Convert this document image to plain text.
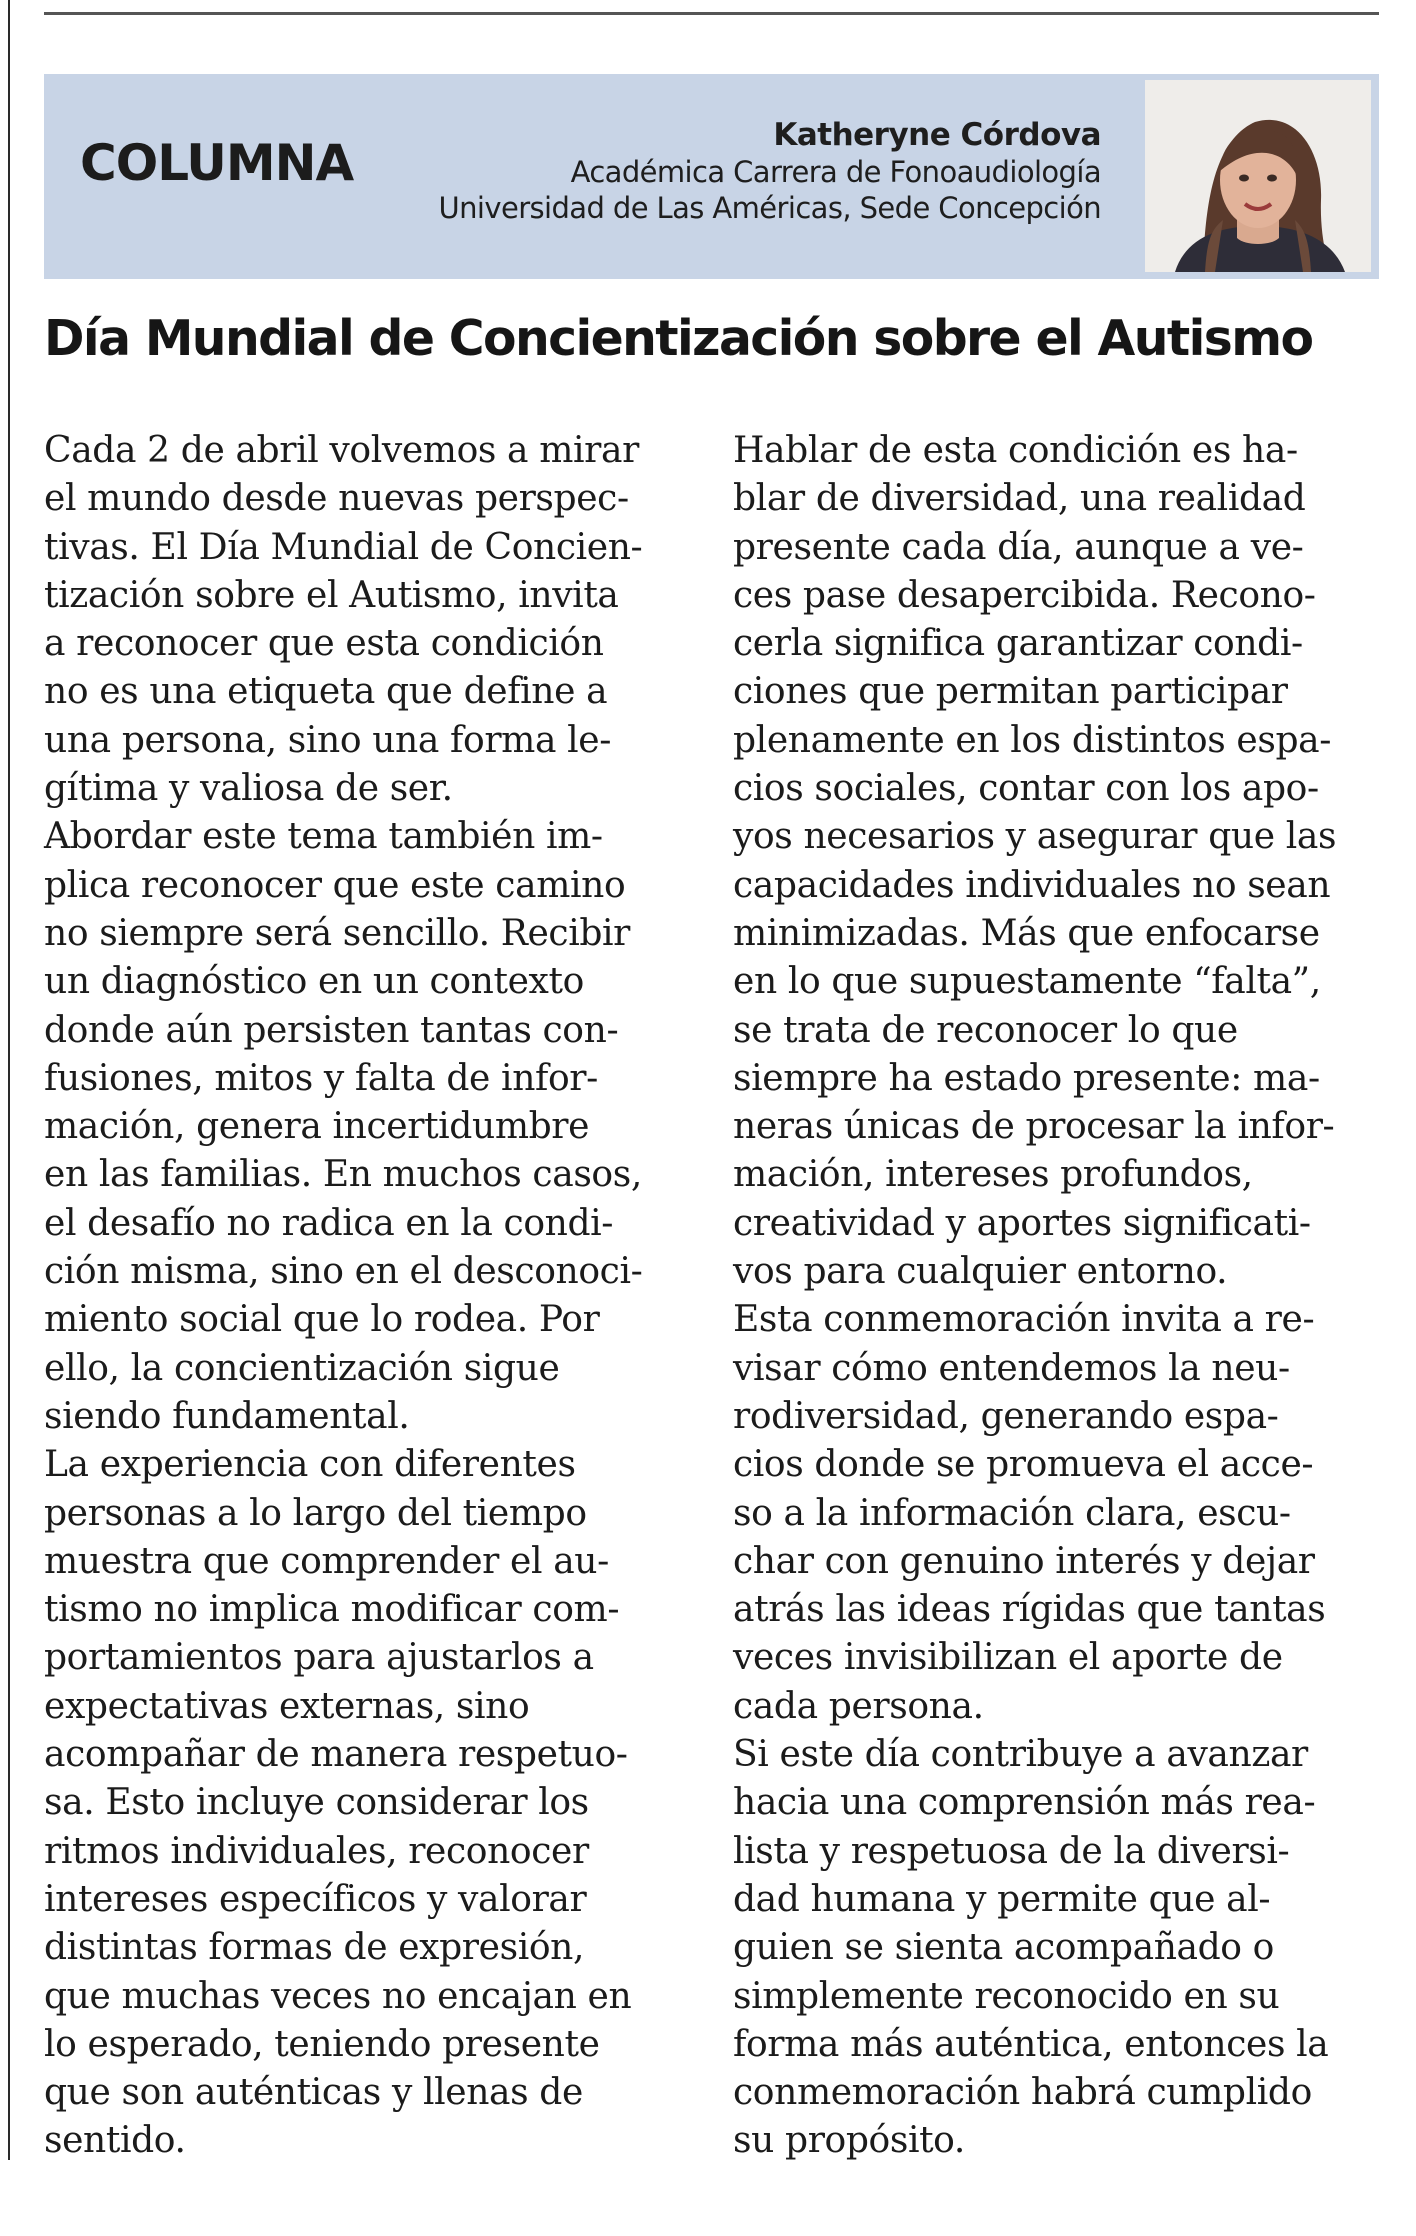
COLUMNA	Katheryne Córdova
Académica Carrera de Fonoaudiología
Universidad de Las Américas, Sede Concepción
Día Mundial de Concientización sobre el Autismo
Cada 2 de abril volvemos a mirar
el mundo desde nuevas perspec-
tivas. El Día Mundial de Concien-
tización sobre el Autismo, invita
a reconocer que esta condición
no es una etiqueta que define a
una persona, sino una forma le-
gítima y valiosa de ser.
Abordar este tema también im-
plica reconocer que este camino
no siempre será sencillo. Recibir
un diagnóstico en un contexto
donde aún persisten tantas con-
fusiones, mitos y falta de infor-
mación, genera incertidumbre
en las familias. En muchos casos,
el desafío no radica en la condi-
ción misma, sino en el desconoci-
miento social que lo rodea. Por
ello, la concientización sigue
siendo fundamental.
La experiencia con diferentes
personas a lo largo del tiempo
muestra que comprender el au-
tismo no implica modificar com-
portamientos para ajustarlos a
expectativas externas, sino
acompañar de manera respetuo-
sa. Esto incluye considerar los
ritmos individuales, reconocer
intereses específicos y valorar
distintas formas de expresión,
que muchas veces no encajan en
lo esperado, teniendo presente
que son auténticas y llenas de
sentido.
Hablar de esta condición es ha-
blar de diversidad, una realidad
presente cada día, aunque a ve-
ces pase desapercibida. Recono-
cerla significa garantizar condi-
ciones que permitan participar
plenamente en los distintos espa-
cios sociales, contar con los apo-
yos necesarios y asegurar que las
capacidades individuales no sean
minimizadas. Más que enfocarse
en lo que supuestamente “falta”,
se trata de reconocer lo que
siempre ha estado presente: ma-
neras únicas de procesar la infor-
mación, intereses profundos,
creatividad y aportes significati-
vos para cualquier entorno.
Esta conmemoración invita a re-
visar cómo entendemos la neu-
rodiversidad, generando espa-
cios donde se promueva el acce-
so a la información clara, escu-
char con genuino interés y dejar
atrás las ideas rígidas que tantas
veces invisibilizan el aporte de
cada persona.
Si este día contribuye a avanzar
hacia una comprensión más rea-
lista y respetuosa de la diversi-
dad humana y permite que al-
guien se sienta acompañado o
simplemente reconocido en su
forma más auténtica, entonces la
conmemoración habrá cumplido
su propósito.
